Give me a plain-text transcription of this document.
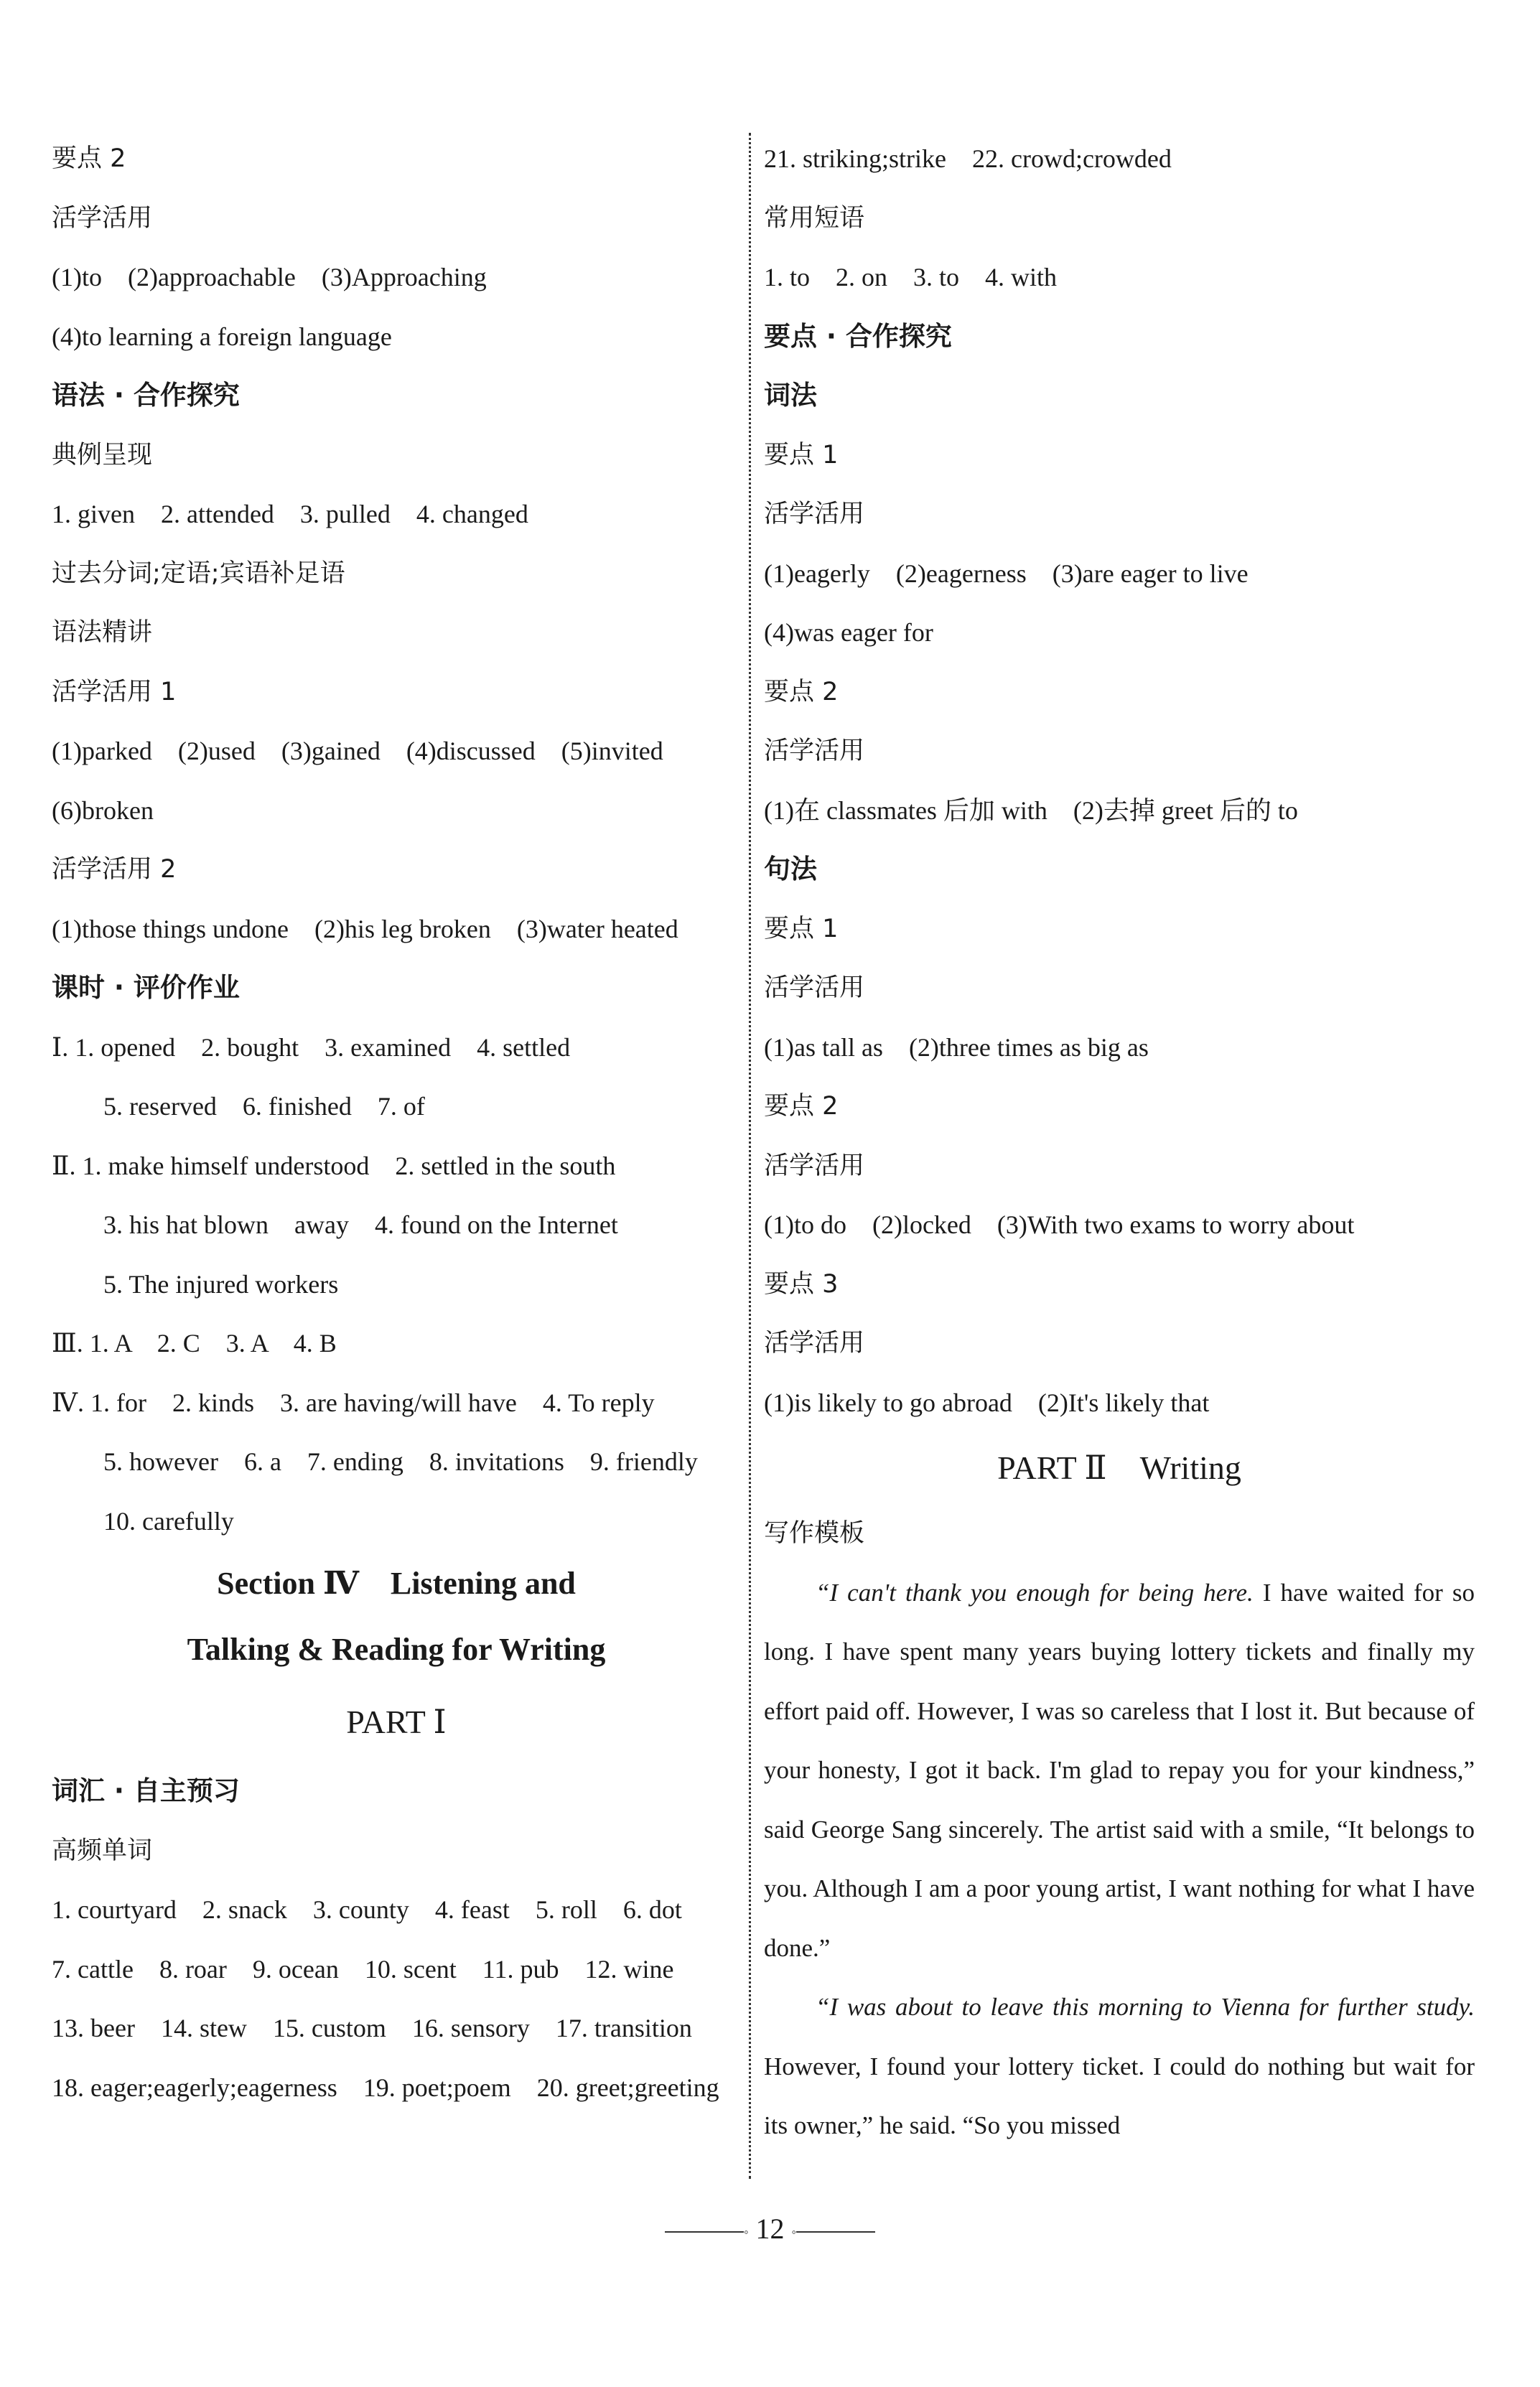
要点 2
活学活用
(1)to　(2)approachable　(3)Approaching
(4)to learning a foreign language
语法 · 合作探究
典例呈现
1. given　2. attended　3. pulled　4. changed
过去分词;定语;宾语补足语
语法精讲
活学活用 1
(1)parked　(2)used　(3)gained　(4)discussed　(5)invited
(6)broken
活学活用 2
(1)those things undone　(2)his leg broken　(3)water heated
课时 · 评价作业
Ⅰ. 1. opened　2. bought　3. examined　4. settled
5. reserved　6. finished　7. of
Ⅱ. 1. make himself understood　2. settled in the south
3. his hat blown　away　4. found on the Internet
5. The injured workers
Ⅲ. 1. A　2. C　3. A　4. B
Ⅳ. 1. for　2. kinds　3. are having/will have　4. To reply
5. however　6. a　7. ending　8. invitations　9. friendly
10. carefully
Section Ⅳ　Listening and
Talking & Reading for Writing
PART Ⅰ
词汇 · 自主预习
高频单词
1. courtyard　2. snack　3. county　4. feast　5. roll　6. dot
7. cattle　8. roar　9. ocean　10. scent　11. pub　12. wine
13. beer　14. stew　15. custom　16. sensory　17. transition
18. eager;eagerly;eagerness　19. poet;poem　20. greet;greeting
21. striking;strike　22. crowd;crowded
常用短语
1. to　2. on　3. to　4. with
要点 · 合作探究
词法
要点 1
活学活用
(1)eagerly　(2)eagerness　(3)are eager to live
(4)was eager for
要点 2
活学活用
(1)在 classmates 后加 with　(2)去掉 greet 后的 to
句法
要点 1
活学活用
(1)as tall as　(2)three times as big as
要点 2
活学活用
(1)to do　(2)locked　(3)With two exams to worry about
要点 3
活学活用
(1)is likely to go abroad　(2)It's likely that
PART Ⅱ　Writing
写作模板

“I can't thank you enough for being here. I have waited for so long. I have spent many years buying lottery tickets and finally my effort paid off. However, I was so careless that I lost it. But because of your honesty, I got it back. I'm glad to repay you for your kindness,” said George Sang sincerely. The artist said with a smile, “It belongs to you. Although I am a poor young artist, I want nothing for what I have done.”

“I was about to leave this morning to Vienna for further study. However, I found your lottery ticket. I could do nothing but wait for its owner,” he said. “So you missed

◦ 12 ◦
